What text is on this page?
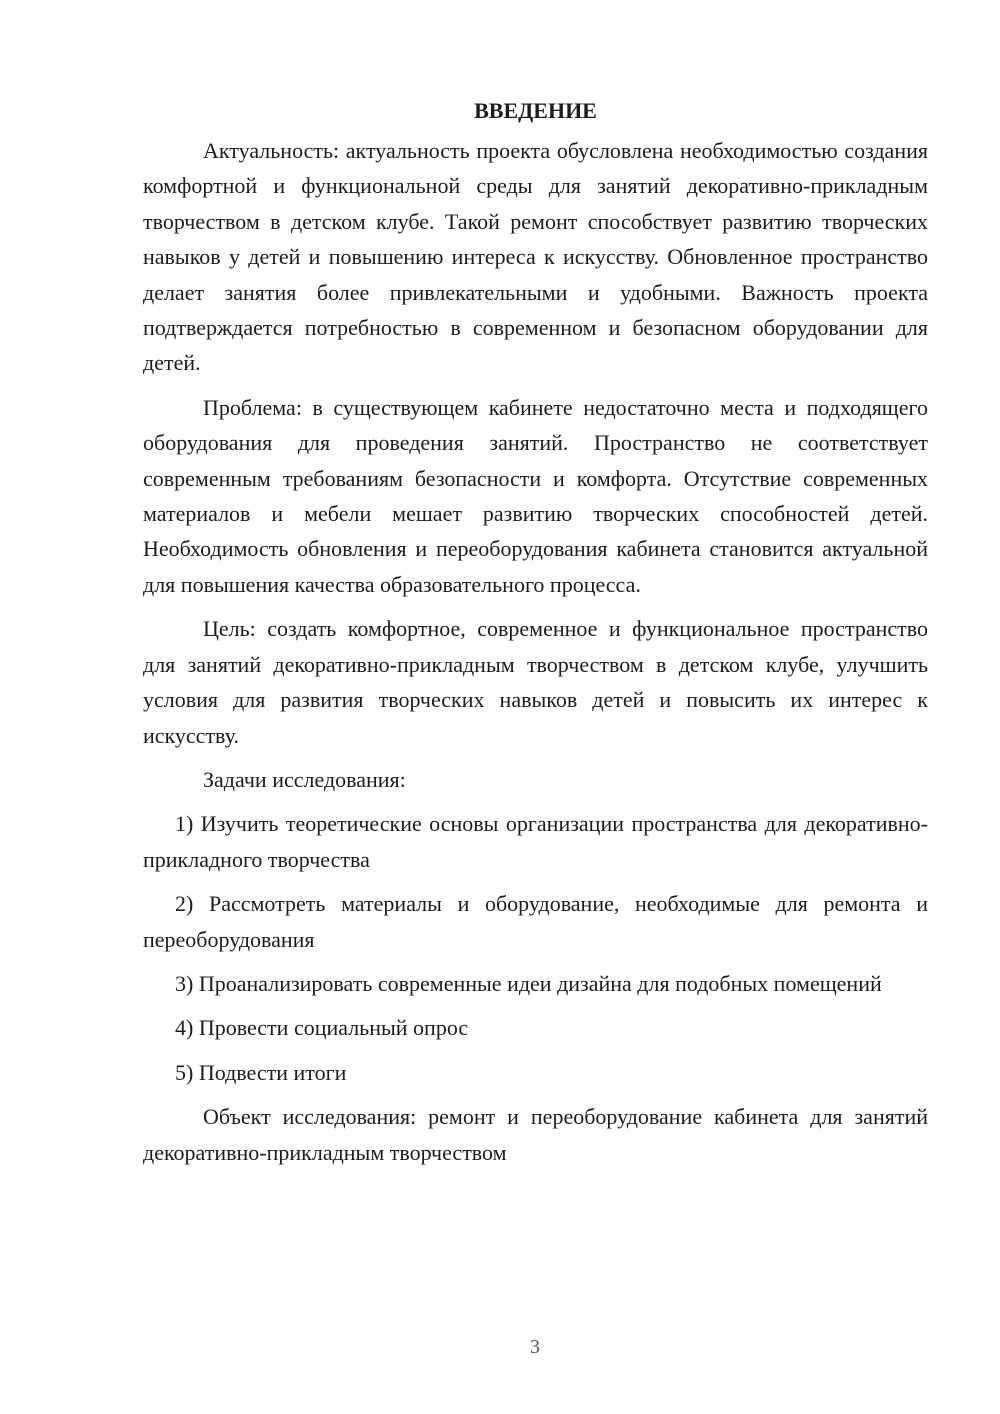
ВВЕДЕНИЕ

Актуальность: актуальность проекта обусловлена необходимостью создания комфортной и функциональной среды для занятий декоративно-прикладным творчеством в детском клубе. Такой ремонт способствует развитию творческих навыков у детей и повышению интереса к искусству. Обновленное пространство делает занятия более привлекательными и удобными. Важность проекта подтверждается потребностью в современном и безопасном оборудовании для детей.

Проблема: в существующем кабинете недостаточно места и подходящего оборудования для проведения занятий. Пространство не соответствует современным требованиям безопасности и комфорта. Отсутствие современных материалов и мебели мешает развитию творческих способностей детей. Необходимость обновления и переоборудования кабинета становится актуальной для повышения качества образовательного процесса.

Цель: создать комфортное, современное и функциональное пространство для занятий декоративно-прикладным творчеством в детском клубе, улучшить условия для развития творческих навыков детей и повысить их интерес к искусству.

Задачи исследования:

1) Изучить теоретические основы организации пространства для декоративно-прикладного творчества

2) Рассмотреть материалы и оборудование, необходимые для ремонта и переоборудования

3) Проанализировать современные идеи дизайна для подобных помещений

4) Провести социальный опрос

5) Подвести итоги

Объект исследования: ремонт и переоборудование кабинета для занятий декоративно-прикладным творчеством

3
